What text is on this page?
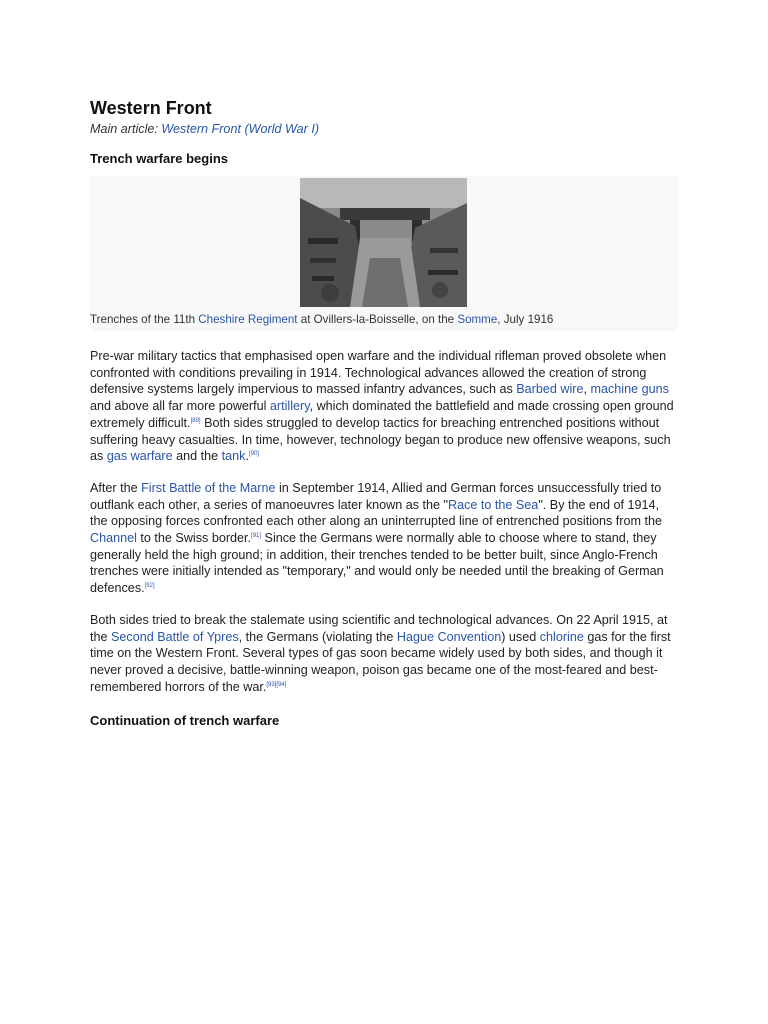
Western Front
Main article: Western Front (World War I)
Trench warfare begins
Trenches of the 11th Cheshire Regiment at Ovillers-la-Boisselle, on the Somme, July 1916

Pre-war military tactics that emphasised open warfare and the individual rifleman proved obsolete when confronted with conditions prevailing in 1914. Technological advances allowed the creation of strong defensive systems largely impervious to massed infantry advances, such as Barbed wire, machine guns and above all far more powerful artillery, which dominated the battlefield and made crossing open ground extremely difficult.[89] Both sides struggled to develop tactics for breaching entrenched positions without suffering heavy casualties. In time, however, technology began to produce new offensive weapons, such as gas warfare and the tank.[90]

After the First Battle of the Marne in September 1914, Allied and German forces unsuccessfully tried to outflank each other, a series of manoeuvres later known as the "Race to the Sea". By the end of 1914, the opposing forces confronted each other along an uninterrupted line of entrenched positions from the Channel to the Swiss border.[91] Since the Germans were normally able to choose where to stand, they generally held the high ground; in addition, their trenches tended to be better built, since Anglo-French trenches were initially intended as "temporary," and would only be needed until the breaking of German defences.[92]

Both sides tried to break the stalemate using scientific and technological advances. On 22 April 1915, at the Second Battle of Ypres, the Germans (violating the Hague Convention) used chlorine gas for the first time on the Western Front. Several types of gas soon became widely used by both sides, and though it never proved a decisive, battle-winning weapon, poison gas became one of the most-feared and best-remembered horrors of the war.[93][94]

Continuation of trench warfare
